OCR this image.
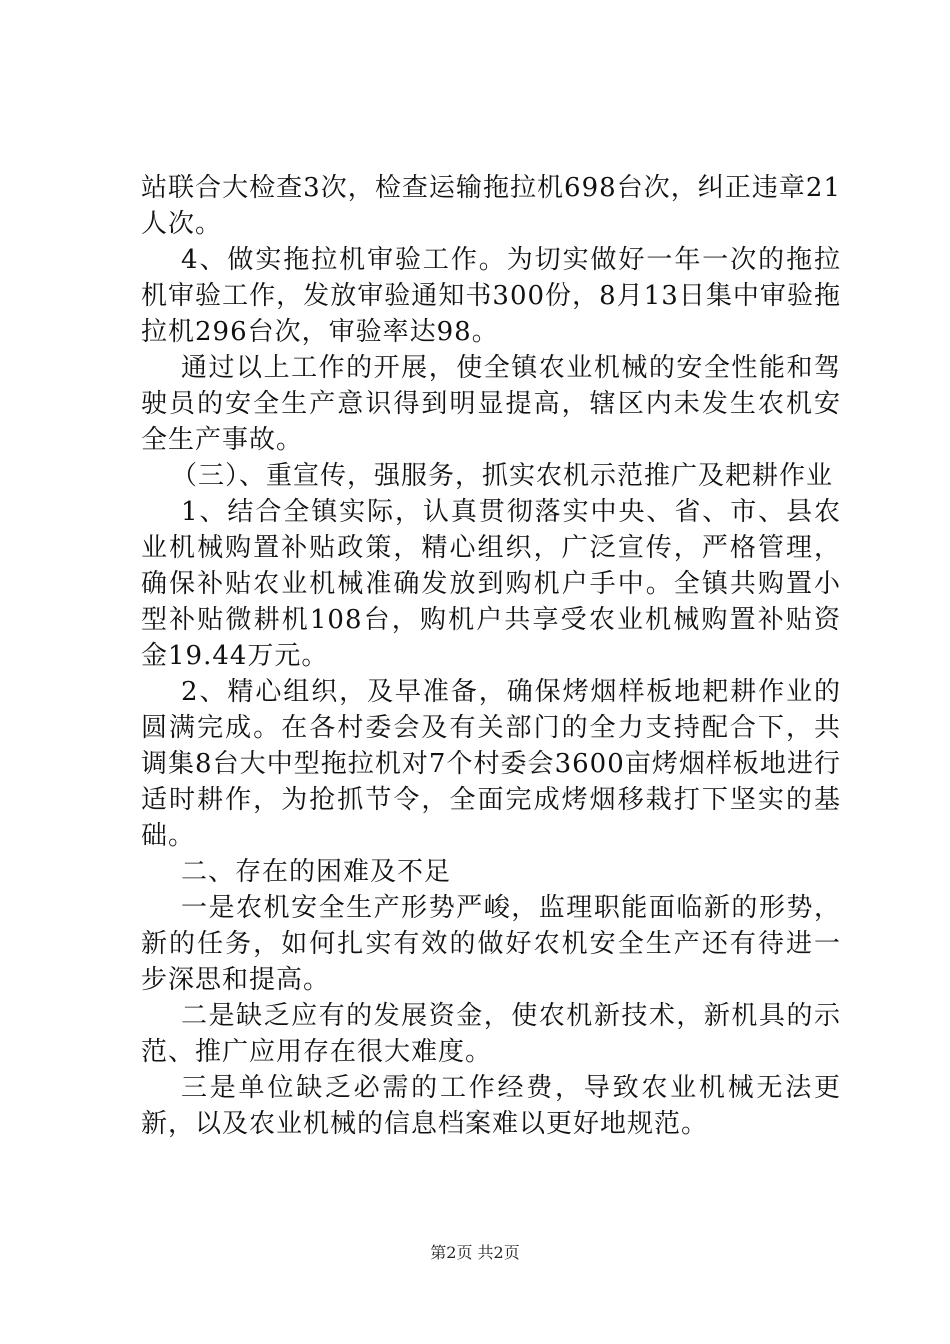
站联合大检查3次，检查运输拖拉机698台次，纠正违章21人次。

4、做实拖拉机审验工作。为切实做好一年一次的拖拉机审验工作，发放审验通知书300份，8月13日集中审验拖拉机296台次，审验率达98。

通过以上工作的开展，使全镇农业机械的安全性能和驾驶员的安全生产意识得到明显提高，辖区内未发生农机安全生产事故。

（三）、重宣传，强服务，抓实农机示范推广及耙耕作业

1、结合全镇实际，认真贯彻落实中央、省、市、县农业机械购置补贴政策，精心组织，广泛宣传，严格管理，确保补贴农业机械准确发放到购机户手中。全镇共购置小型补贴微耕机108台，购机户共享受农业机械购置补贴资金19.44万元。

2、精心组织，及早准备，确保烤烟样板地耙耕作业的圆满完成。在各村委会及有关部门的全力支持配合下，共调集8台大中型拖拉机对7个村委会3600亩烤烟样板地进行适时耕作，为抢抓节令，全面完成烤烟移栽打下坚实的基础。

二、存在的困难及不足

一是农机安全生产形势严峻，监理职能面临新的形势，新的任务，如何扎实有效的做好农机安全生产还有待进一步深思和提高。

二是缺乏应有的发展资金，使农机新技术，新机具的示范、推广应用存在很大难度。

三是单位缺乏必需的工作经费，导致农业机械无法更新，以及农业机械的信息档案难以更好地规范。

第2页 共2页
